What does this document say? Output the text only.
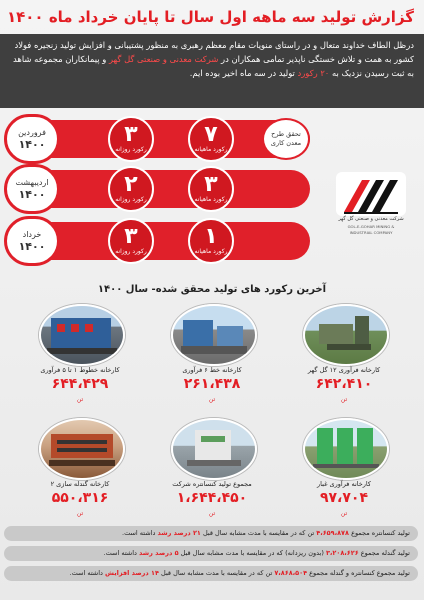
گزارش تولید سه ماهه اول سال تا پایان خرداد ماه ۱۴۰۰
درظل الطاف خداوند متعال و در راستای منویات مقام معظم رهبری به منظور پشتیبانی و افزایش تولید زنجیره فولاد کشور به همت و تلاش خستگی ناپذیر تمامی همکاران در شرکت معدنی و صنعتی گل گهر و پیمانکاران مجموعه شاهد به ثبت رسیدن نزدیک به ۲۰ رکورد تولید در سه ماه اخیر بوده ایم.
فروردین
۱۴۰۰	۳
رکورد روزانه
۷
رکورد ماهیانه
تحقق طرح معدن کاری
اردیبهشت
۱۴۰۰	۲
رکورد روزانه
۳
رکورد ماهیانه
خرداد
۱۴۰۰	۳
رکورد روزانه
۱
رکورد ماهیانه
شرکت معدنی و صنعتی گل گهر
GOL-E-GOHAR MINING & INDUSTRIAL COMPANY
آخرین رکورد های تولید محقق شده- سال ۱۴۰۰
کارخانه فرآوری ۱۲ گل گهر
۶۴۲،۴۱۰
تن
کارخانه خط ۶ فرآوری
۲۶۱،۴۳۸
تن
کارخانه خطوط ۱ تا ۵ فرآوری
۶۴۴،۴۲۹
تن
کارخانه فرآوری غبار
۹۷،۷۰۴
تن
مجموع تولید کنسانتره شرکت
۱،۶۴۴،۴۵۰
تن
کارخانه گندله سازی ۲
۵۵۰،۳۱۶
تن
تولید کنسانتره مجموع ۴،۶۵۹،۸۷۸ تن که در مقایسه با مدت مشابه سال قبل ۲۱ درصد رشد داشته است.
تولید گندله مجموع ۳،۲۰۸،۶۲۶ (بدون ریزدانه) که در مقایسه با مدت مشابه سال قبل ۵ درصد رشد داشته است.
تولید مجموع کنسانتره و گندله مجموع ۷،۸۶۸،۵۰۴ تن که در مقایسه با مدت مشابه سال قبل ۱۴ درصد افزایش داشته است.
